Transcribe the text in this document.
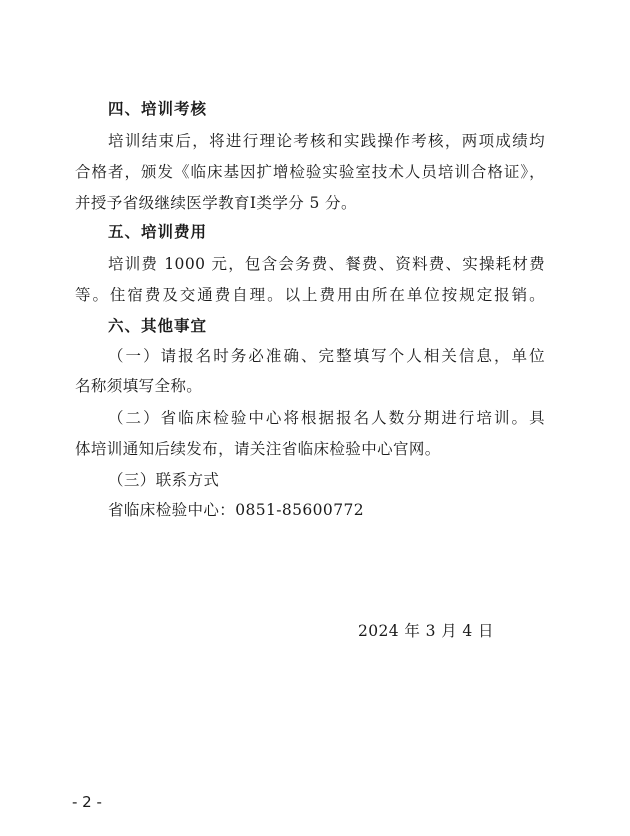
四、培训考核
培训结束后，将进行理论考核和实践操作考核，两项成绩均
合格者，颁发《临床基因扩增检验实验室技术人员培训合格证》，
并授予省级继续医学教育Ⅰ类学分 5 分。
五、培训费用
培训费 1000 元，包含会务费、餐费、资料费、实操耗材费
等。住宿费及交通费自理。以上费用由所在单位按规定报销。
六、其他事宜
（一）请报名时务必准确、完整填写个人相关信息，单位
名称须填写全称。
（二）省临床检验中心将根据报名人数分期进行培训。具
体培训通知后续发布，请关注省临床检验中心官网。
（三）联系方式
省临床检验中心：0851-85600772
2024 年 3 月 4 日
- 2 -
